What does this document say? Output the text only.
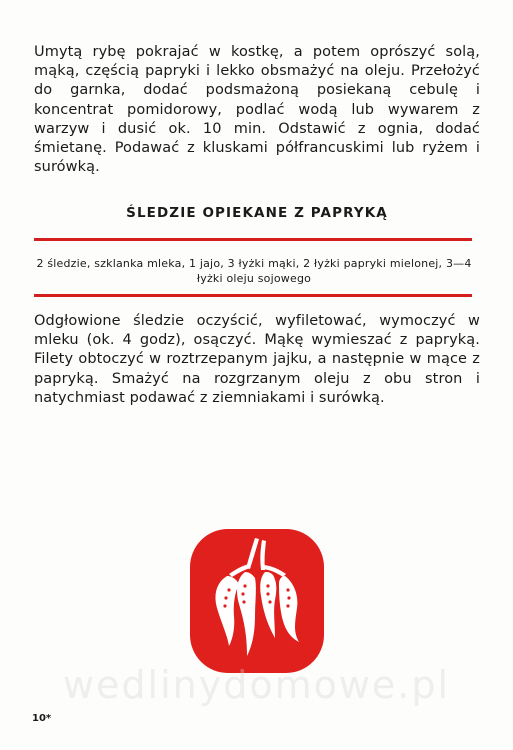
Umytą rybę pokrajać w kostkę, a potem oprószyć solą, mąką, częścią papryki i lekko obsmażyć na oleju. Przełożyć do garnka, dodać podsmażoną posiekaną cebulę i koncentrat pomidorowy, podlać wodą lub wywarem z warzyw i dusić ok. 10 min. Odstawić z ognia, dodać śmietanę. Podawać z kluskami półfrancuskimi lub ryżem i surówką.

ŚLEDZIE OPIEKANE Z PAPRYKĄ

2 śledzie, szklanka mleka, 1 jajo, 3 łyżki mąki, 2 łyżki papryki mielonej, 3—4 łyżki oleju sojowego

Odgłowione śledzie oczyścić, wyfiletować, wymoczyć w mleku (ok. 4 godz), osączyć. Mąkę wymieszać z papryką. Filety obtoczyć w roztrzepanym jajku, a następnie w mące z papryką. Smażyć na rozgrzanym oleju z obu stron i natychmiast podawać z ziemniakami i surówką.

wedlinydomowe.pl
10*
